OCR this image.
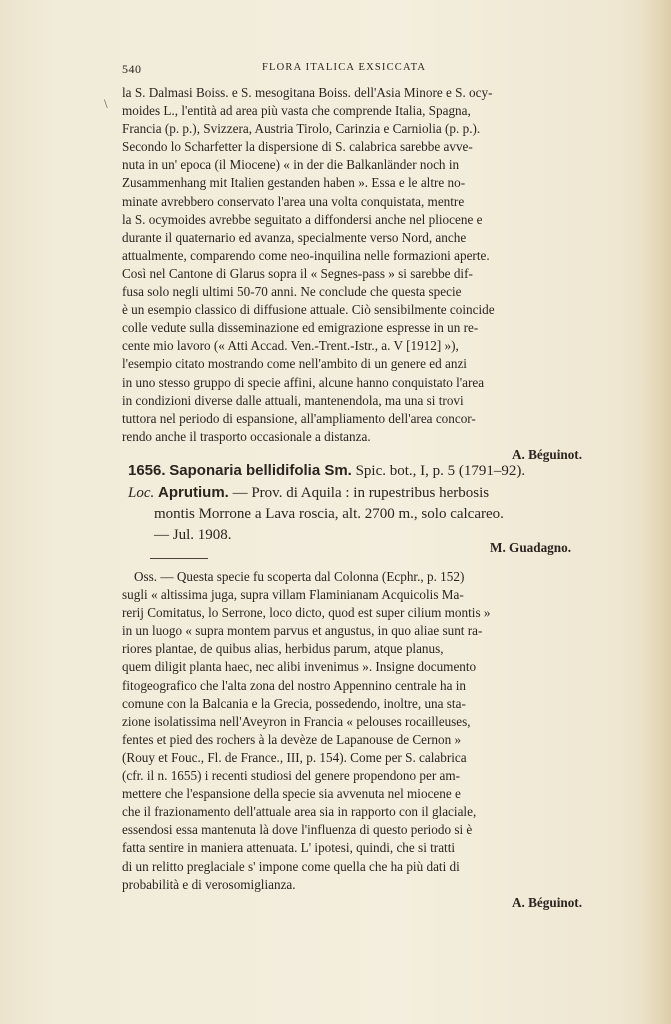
540	FLORA ITALICA EXSICCATA
\
la S. Dalmasi Boiss. e S. mesogitana Boiss. dell'Asia Minore e S. ocy-
moides L., l'entità ad area più vasta che comprende Italia, Spagna,
Francia (p. p.), Svizzera, Austria Tirolo, Carinzia e Carniolia (p. p.).
Secondo lo Scharfetter la dispersione di S. calabrica sarebbe avve-
nuta in un' epoca (il Miocene) « in der die Balkanländer noch in
Zusammenhang mit Italien gestanden haben ». Essa e le altre no-
minate avrebbero conservato l'area una volta conquistata, mentre
la S. ocymoides avrebbe seguitato a diffondersi anche nel pliocene e
durante il quaternario ed avanza, specialmente verso Nord, anche
attualmente, comparendo come neo-inquilina nelle formazioni aperte.
Così nel Cantone di Glarus sopra il « Segnes-pass » si sarebbe dif-
fusa solo negli ultimi 50-70 anni. Ne conclude che questa specie
è un esempio classico di diffusione attuale. Ciò sensibilmente coincide
colle vedute sulla disseminazione ed emigrazione espresse in un re-
cente mio lavoro (« Atti Accad. Ven.-Trent.-Istr., a. V [1912] »),
l'esempio citato mostrando come nell'ambito di un genere ed anzi
in uno stesso gruppo di specie affini, alcune hanno conquistato l'area
in condizioni diverse dalle attuali, mantenendola, ma una si trovi
tuttora nel periodo di espansione, all'ampliamento dell'area concor-
rendo anche il trasporto occasionale a distanza.
A. Béguinot.
1656. Saponaria bellidifolia Sm. Spic. bot., I, p. 5 (1791–92).
Loc. Aprutium. — Prov. di Aquila : in rupestribus herbosis
montis Morrone a Lava roscia, alt. 2700 m., solo calcareo.
— Jul. 1908.
M. Guadagno.
Oss. — Questa specie fu scoperta dal Colonna (Ecphr., p. 152)
sugli « altissima juga, supra villam Flaminianam Acquicolis Ma-
rerij Comitatus, lo Serrone, loco dicto, quod est super cilium montis »
in un luogo « supra montem parvus et angustus, in quo aliae sunt ra-
riores plantae, de quibus alias, herbidus parum, atque planus,
quem diligit planta haec, nec alibi invenimus ». Insigne documento
fitogeografico che l'alta zona del nostro Appennino centrale ha in
comune con la Balcania e la Grecia, possedendo, inoltre, una sta-
zione isolatissima nell'Aveyron in Francia « pelouses rocailleuses,
fentes et pied des rochers à la devèze de Lapanouse de Cernon »
(Rouy et Fouc., Fl. de France., III, p. 154). Come per S. calabrica
(cfr. il n. 1655) i recenti studiosi del genere propendono per am-
mettere che l'espansione della specie sia avvenuta nel miocene e
che il frazionamento dell'attuale area sia in rapporto con il glaciale,
essendosi essa mantenuta là dove l'influenza di questo periodo si è
fatta sentire in maniera attenuata. L' ipotesi, quindi, che si tratti
di un relitto preglaciale s' impone come quella che ha più dati di
probabilità e di verosomiglianza.
A. Béguinot.
